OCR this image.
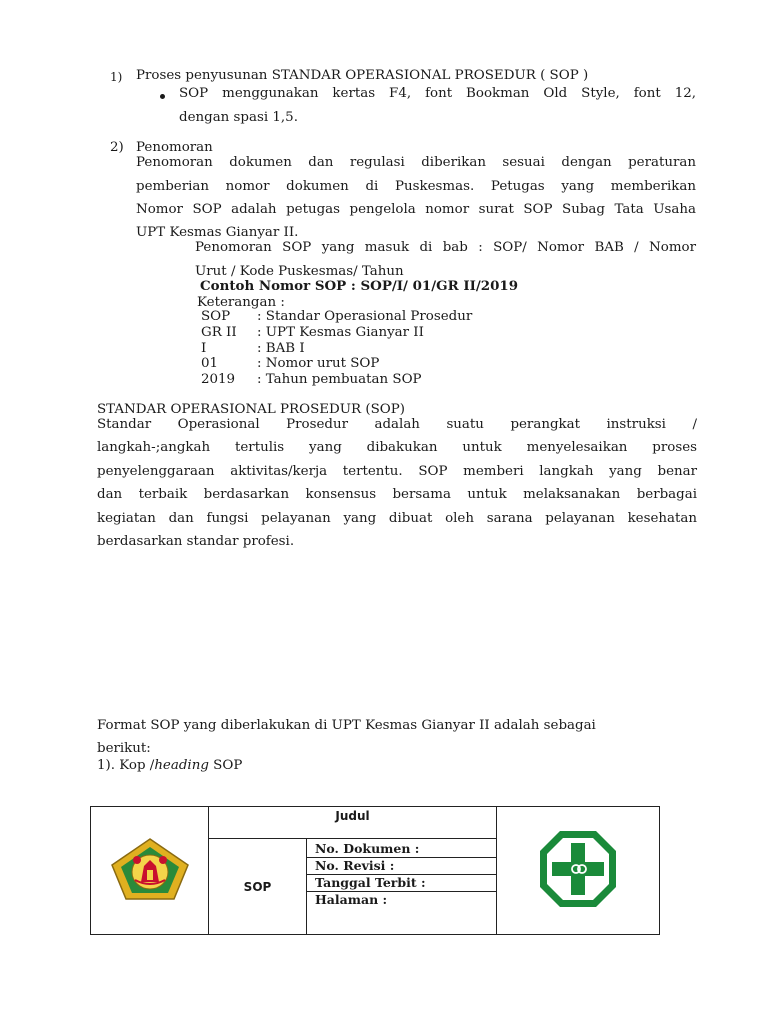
1) Proses penyusunan STANDAR OPERASIONAL PROSEDUR ( SOP )
SOP menggunakan kertas F4, font Bookman Old Style, font 12,
dengan spasi 1,5.
2) Penomoran
Penomoran dokumen dan regulasi diberikan sesuai dengan peraturan
pemberian nomor dokumen di Puskesmas. Petugas yang memberikan
Nomor SOP adalah petugas pengelola nomor surat SOP Subag Tata Usaha
UPT Kesmas Gianyar II.
Penomoran SOP yang masuk di bab : SOP/ Nomor BAB / Nomor
Urut / Kode Puskesmas/ Tahun
Contoh Nomor SOP : SOP/I/ 01/GR II/2019
Keterangan :
SOP	: Standar Operasional Prosedur
GR II	: UPT Kesmas Gianyar II
I	: BAB I
01	: Nomor urut SOP
2019	: Tahun pembuatan SOP
STANDAR OPERASIONAL PROSEDUR (SOP)
Standar Operasional Prosedur adalah suatu perangkat instruksi /
langkah-;angkah tertulis yang dibakukan untuk menyelesaikan proses
penyelenggaraan aktivitas/kerja tertentu. SOP memberi langkah yang benar
dan terbaik berdasarkan konsensus bersama untuk melaksanakan berbagai
kegiatan dan fungsi pelayanan yang dibuat oleh sarana pelayanan kesehatan
berdasarkan standar profesi.
Format SOP yang diberlakukan di UPT Kesmas Gianyar II adalah sebagai
berikut:
1). Kop /heading SOP
	Judul	
	SOP	No. Dokumen :
No. Revisi :
Tanggal Terbit :
Halaman :	
